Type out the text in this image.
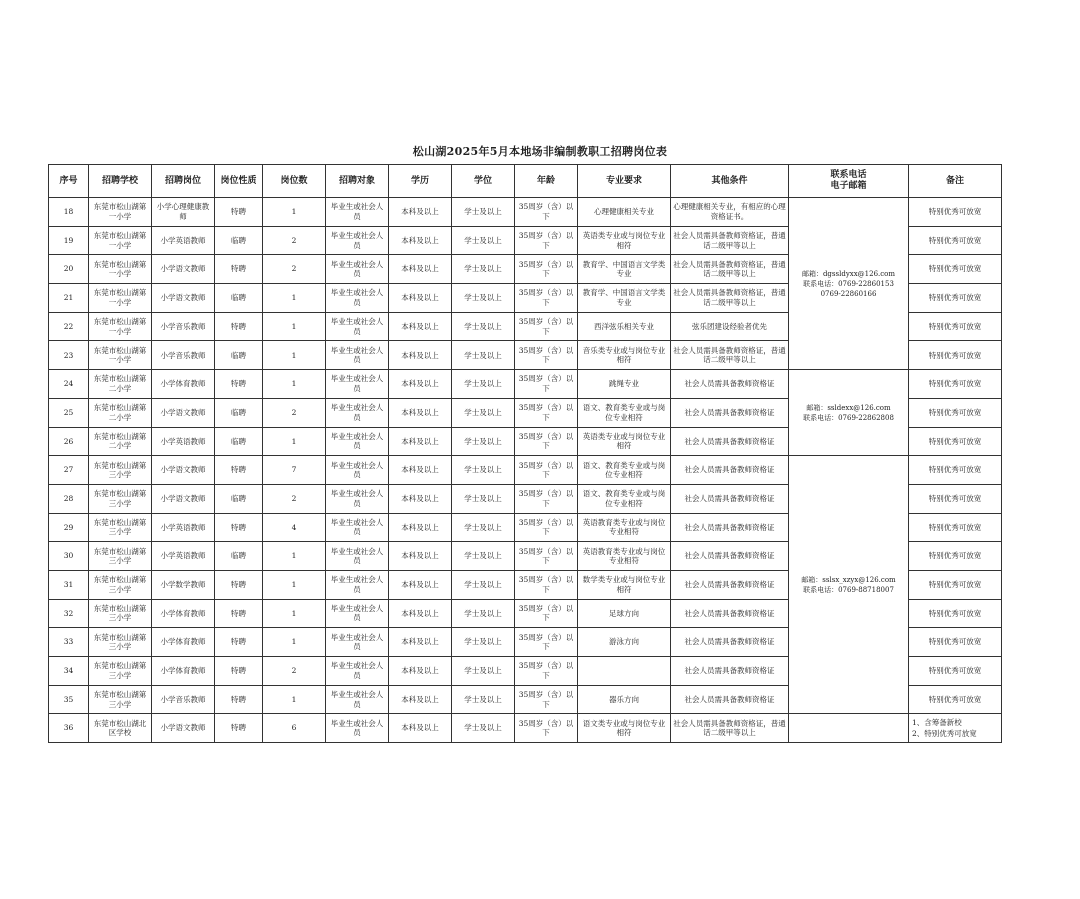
松山湖2025年5月本地场非编制教职工招聘岗位表
序号	招聘学校	招聘岗位	岗位性质	岗位数	招聘对象	学历	学位	年龄	专业要求	其他条件	联系电话
电子邮箱	备注
18	东莞市松山湖第一小学	小学心理健康教师	特聘	1	毕业生或社会人员	本科及以上	学士及以上	35周岁（含）以下	心理健康相关专业	心理健康相关专业，有相应的心理资格证书。	邮箱：dgssldyxx@126.com
联系电话：0769-22860153
0769-22860166	特别优秀可放宽
19	东莞市松山湖第一小学	小学英语教师	临聘	2	毕业生或社会人员	本科及以上	学士及以上	35周岁（含）以下	英语类专业或与岗位专业相符	社会人员需具备教师资格证，普通话二级甲等以上		特别优秀可放宽
20	东莞市松山湖第一小学	小学语文教师	特聘	2	毕业生或社会人员	本科及以上	学士及以上	35周岁（含）以下	教育学、中国语言文学类专业	社会人员需具备教师资格证，普通话二级甲等以上		特别优秀可放宽
21	东莞市松山湖第一小学	小学语文教师	临聘	1	毕业生或社会人员	本科及以上	学士及以上	35周岁（含）以下	教育学、中国语言文学类专业	社会人员需具备教师资格证，普通话二级甲等以上		特别优秀可放宽
22	东莞市松山湖第一小学	小学音乐教师	特聘	1	毕业生或社会人员	本科及以上	学士及以上	35周岁（含）以下	西洋弦乐相关专业	弦乐团建设经验者优先		特别优秀可放宽
23	东莞市松山湖第一小学	小学音乐教师	临聘	1	毕业生或社会人员	本科及以上	学士及以上	35周岁（含）以下	音乐类专业或与岗位专业相符	社会人员需具备教师资格证，普通话二级甲等以上		特别优秀可放宽
24	东莞市松山湖第二小学	小学体育教师	特聘	1	毕业生或社会人员	本科及以上	学士及以上	35周岁（含）以下	跳绳专业	社会人员需具备教师资格证	邮箱：ssldexx@126.com
联系电话：0769-22862808	特别优秀可放宽
25	东莞市松山湖第二小学	小学语文教师	临聘	2	毕业生或社会人员	本科及以上	学士及以上	35周岁（含）以下	语文、教育类专业或与岗位专业相符	社会人员需具备教师资格证		特别优秀可放宽
26	东莞市松山湖第二小学	小学英语教师	临聘	1	毕业生或社会人员	本科及以上	学士及以上	35周岁（含）以下	英语类专业或与岗位专业相符	社会人员需具备教师资格证		特别优秀可放宽
27	东莞市松山湖第三小学	小学语文教师	特聘	7	毕业生或社会人员	本科及以上	学士及以上	35周岁（含）以下	语文、教育类专业或与岗位专业相符	社会人员需具备教师资格证	邮箱：sslsx_xzyx@126.com
联系电话：0769-88718007	特别优秀可放宽
28	东莞市松山湖第三小学	小学语文教师	临聘	2	毕业生或社会人员	本科及以上	学士及以上	35周岁（含）以下	语文、教育类专业或与岗位专业相符	社会人员需具备教师资格证		特别优秀可放宽
29	东莞市松山湖第三小学	小学英语教师	特聘	4	毕业生或社会人员	本科及以上	学士及以上	35周岁（含）以下	英语教育类专业或与岗位专业相符	社会人员需具备教师资格证		特别优秀可放宽
30	东莞市松山湖第三小学	小学英语教师	临聘	1	毕业生或社会人员	本科及以上	学士及以上	35周岁（含）以下	英语教育类专业或与岗位专业相符	社会人员需具备教师资格证		特别优秀可放宽
31	东莞市松山湖第三小学	小学数学教师	特聘	1	毕业生或社会人员	本科及以上	学士及以上	35周岁（含）以下	数学类专业或与岗位专业相符	社会人员需具备教师资格证		特别优秀可放宽
32	东莞市松山湖第三小学	小学体育教师	特聘	1	毕业生或社会人员	本科及以上	学士及以上	35周岁（含）以下	足球方向	社会人员需具备教师资格证		特别优秀可放宽
33	东莞市松山湖第三小学	小学体育教师	特聘	1	毕业生或社会人员	本科及以上	学士及以上	35周岁（含）以下	游泳方向	社会人员需具备教师资格证		特别优秀可放宽
34	东莞市松山湖第三小学	小学体育教师	特聘	2	毕业生或社会人员	本科及以上	学士及以上	35周岁（含）以下		社会人员需具备教师资格证		特别优秀可放宽
35	东莞市松山湖第三小学	小学音乐教师	特聘	1	毕业生或社会人员	本科及以上	学士及以上	35周岁（含）以下	器乐方向	社会人员需具备教师资格证		特别优秀可放宽
36	东莞市松山湖北区学校	小学语文教师	特聘	6	毕业生或社会人员	本科及以上	学士及以上	35周岁（含）以下	语文类专业或与岗位专业相符	社会人员需具备教师资格证，普通话二级甲等以上		1、含筹备新校
2、特别优秀可放宽
